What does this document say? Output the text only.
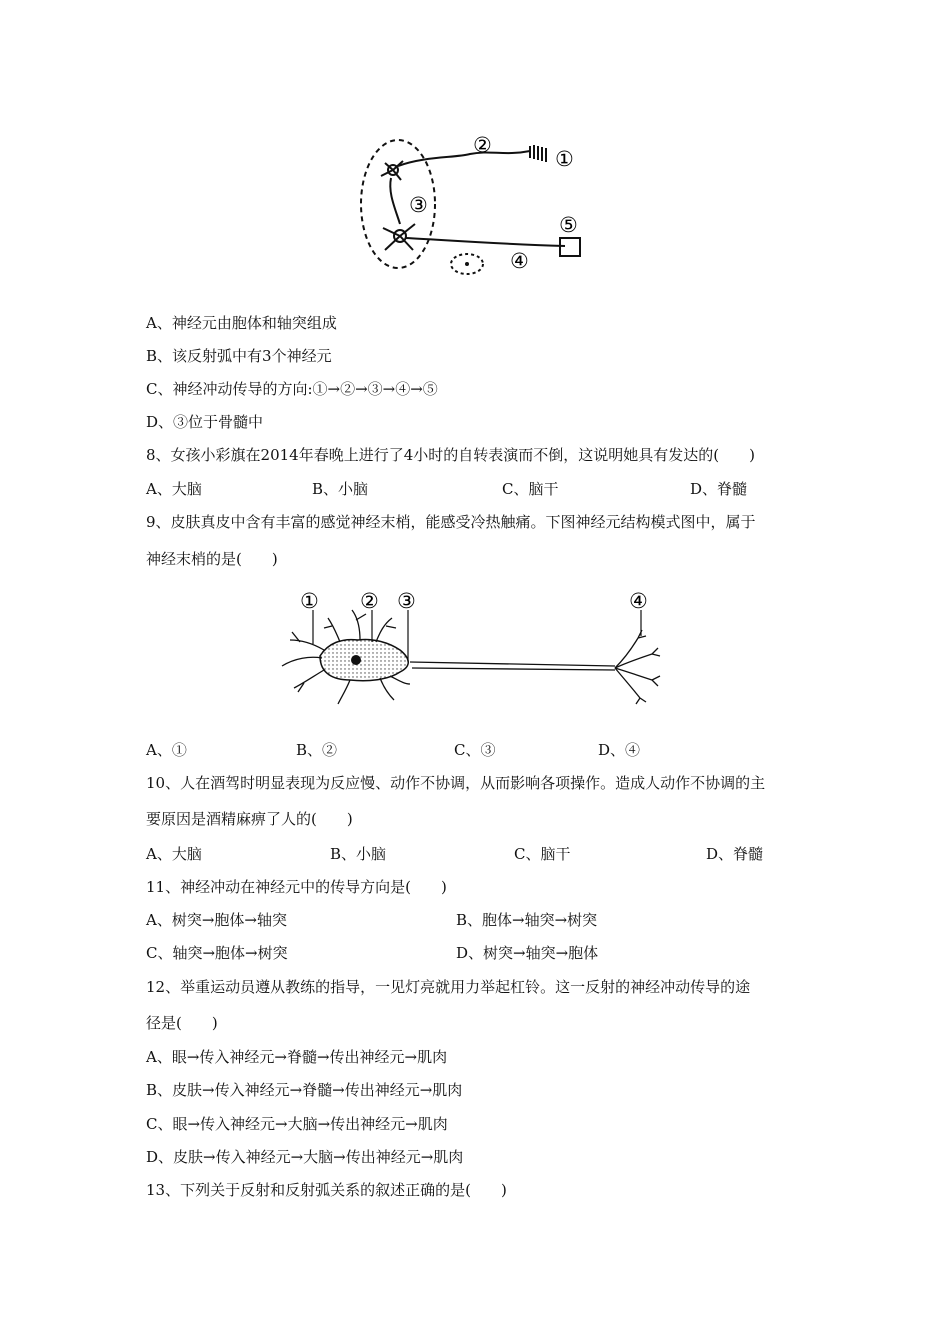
②
①
③
⑤
④
A、神经元由胞体和轴突组成
B、该反射弧中有3个神经元
C、神经冲动传导的方向:①→②→③→④→⑤
D、③位于骨髓中
8、女孩小彩旗在2014年春晚上进行了4小时的自转表演而不倒，这说明她具有发达的(　　)
A、大脑	B、小脑	C、脑干	D、脊髓
9、皮肤真皮中含有丰富的感觉神经末梢，能感受冷热触痛。下图神经元结构模式图中，属于
神经末梢的是(　　)
① ② ③	④
A、①	B、②	C、③	D、④
10、人在酒驾时明显表现为反应慢、动作不协调，从而影响各项操作。造成人动作不协调的主
要原因是酒精麻痹了人的(　　)
A、大脑	B、小脑	C、脑干	D、脊髓
11、神经冲动在神经元中的传导方向是(　　)
A、树突→胞体→轴突	B、胞体→轴突→树突
C、轴突→胞体→树突	D、树突→轴突→胞体
12、举重运动员遵从教练的指导，一见灯亮就用力举起杠铃。这一反射的神经冲动传导的途
径是(　　)
A、眼→传入神经元→脊髓→传出神经元→肌肉
B、皮肤→传入神经元→脊髓→传出神经元→肌肉
C、眼→传入神经元→大脑→传出神经元→肌肉
D、皮肤→传入神经元→大脑→传出神经元→肌肉
13、下列关于反射和反射弧关系的叙述正确的是(　　)
